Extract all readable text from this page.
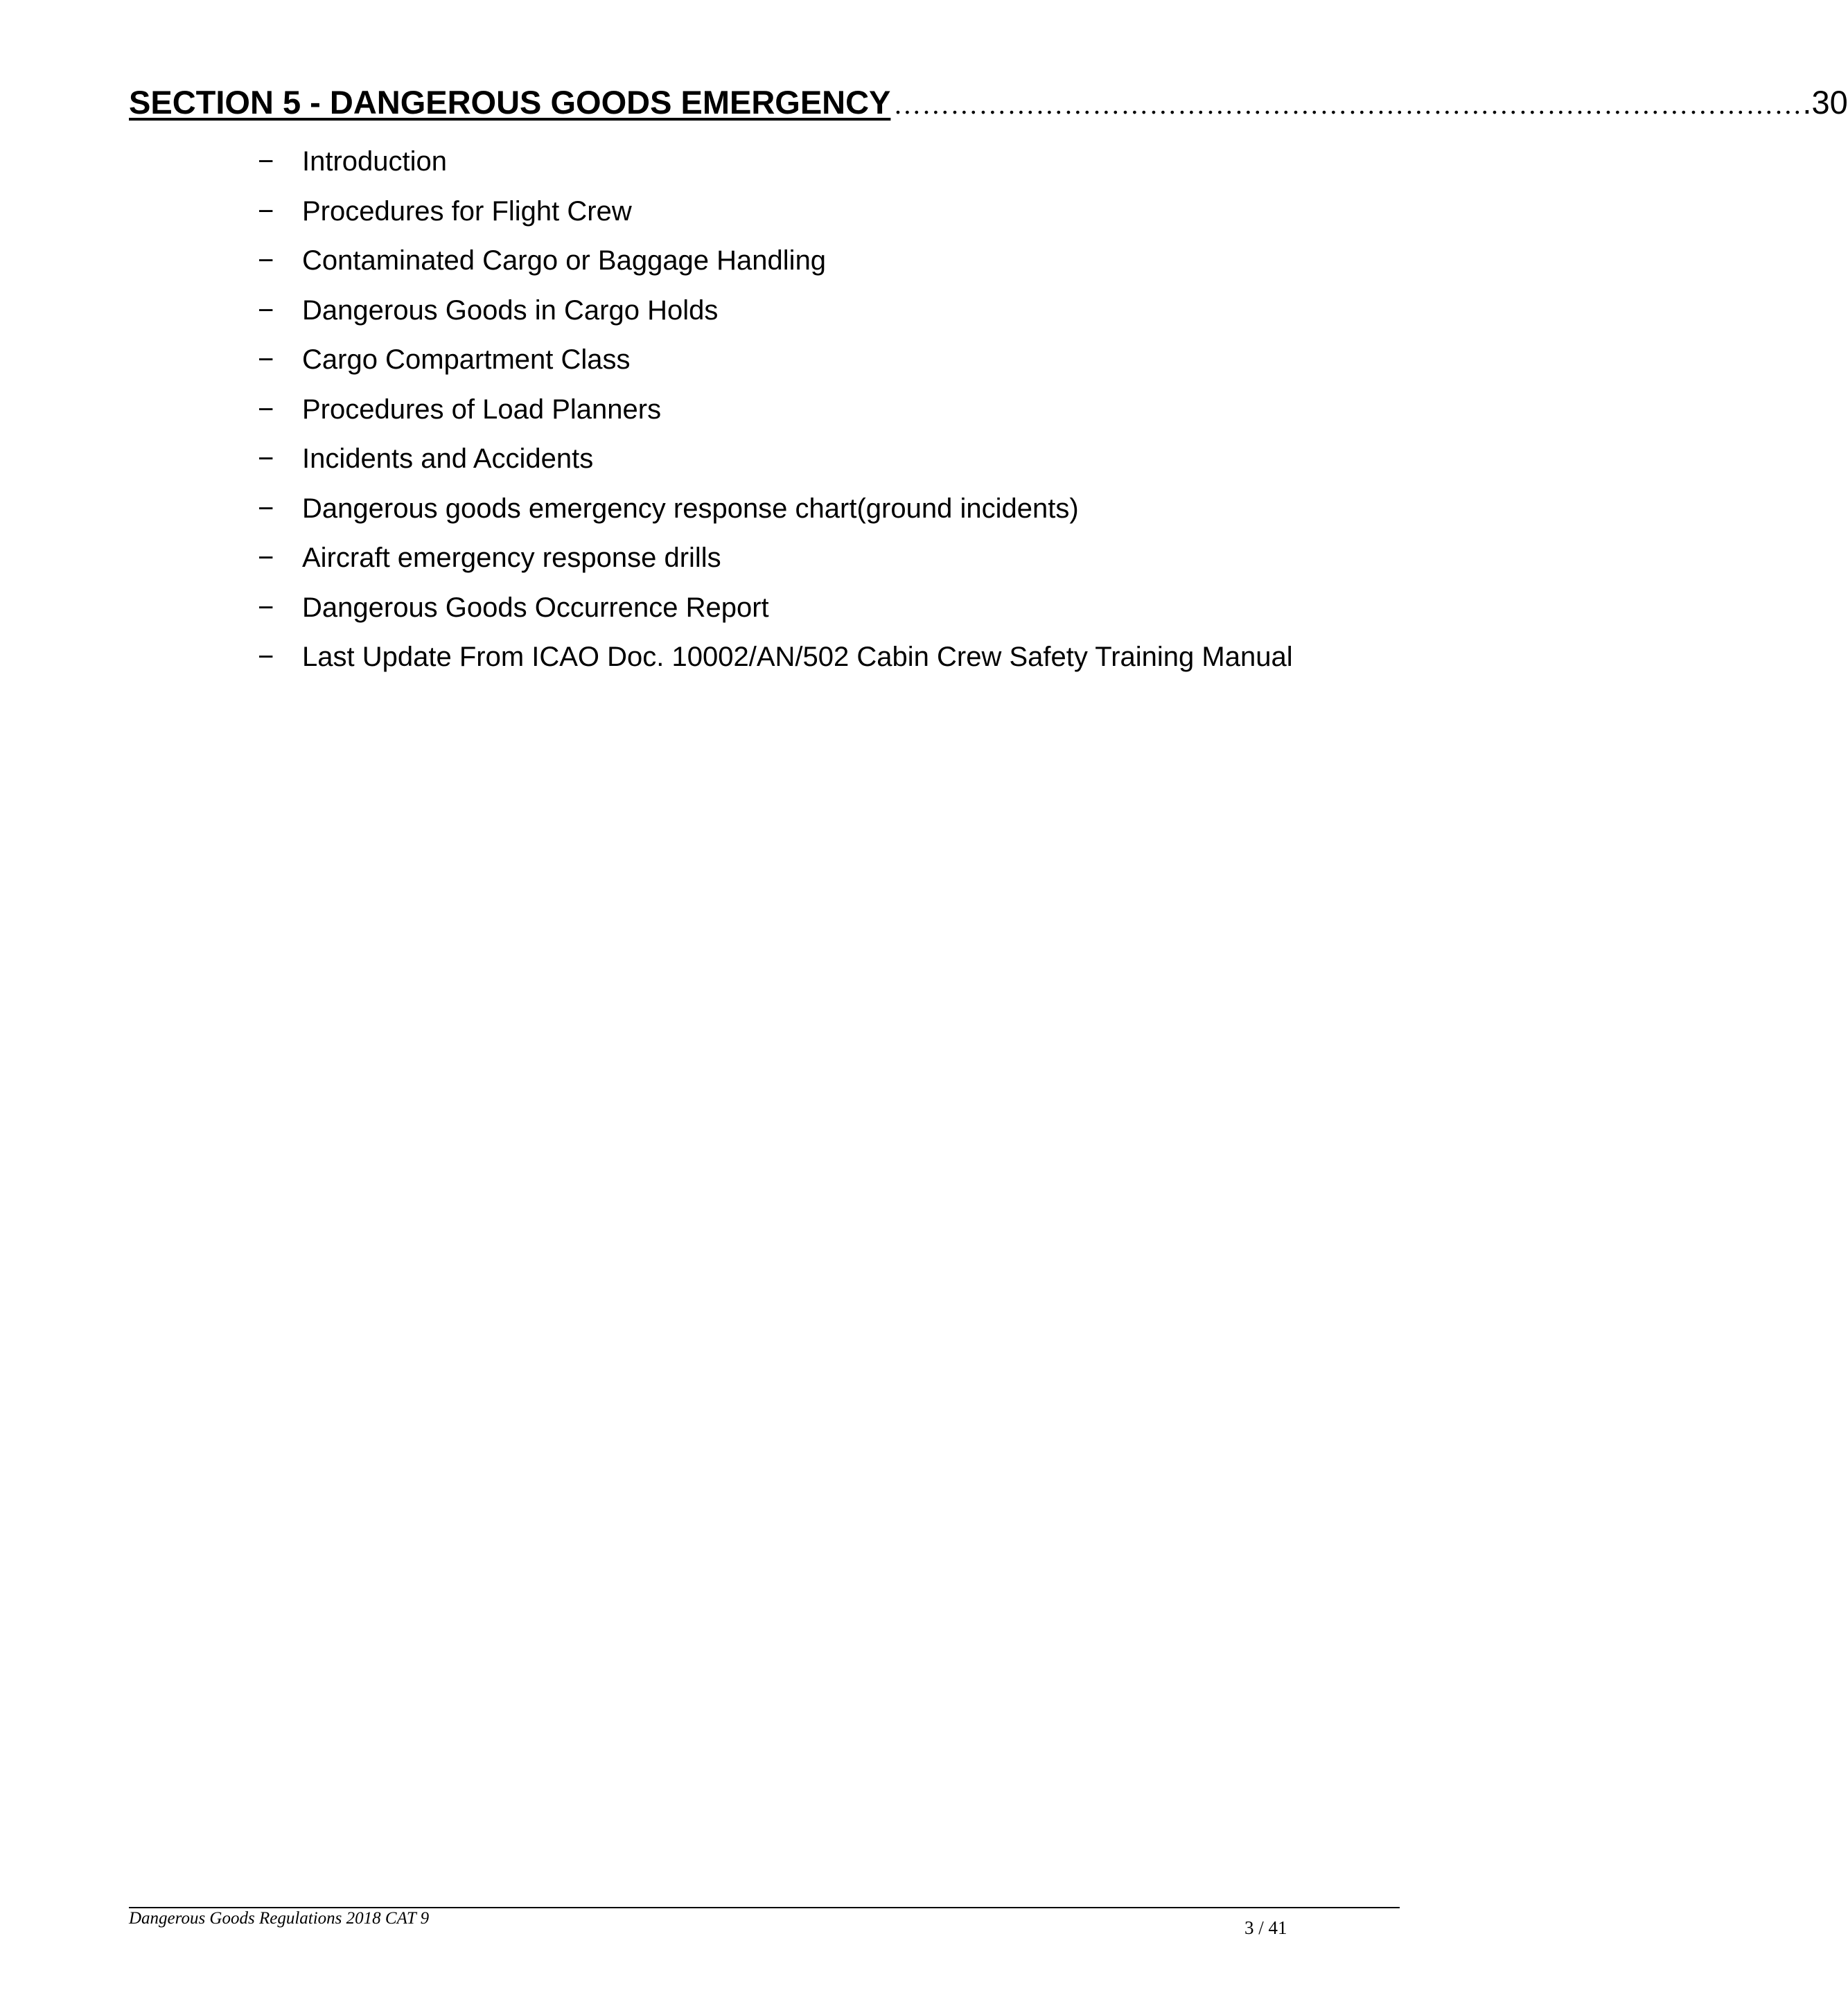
SECTION 5 - DANGEROUS GOODS EMERGENCY …………………………………………………………………………………… .30
−	Introduction
−	Procedures for Flight Crew
−	Contaminated Cargo or Baggage Handling
−	Dangerous Goods in Cargo Holds
−	Cargo Compartment Class
−	Procedures of Load Planners
−	Incidents and Accidents
−	Dangerous goods emergency response chart(ground incidents)
−	Aircraft emergency response drills
−	Dangerous Goods Occurrence Report
−	Last Update From ICAO Doc. 10002/AN/502 Cabin Crew Safety Training Manual
Dangerous Goods Regulations 2018 CAT 9	3 / 41
